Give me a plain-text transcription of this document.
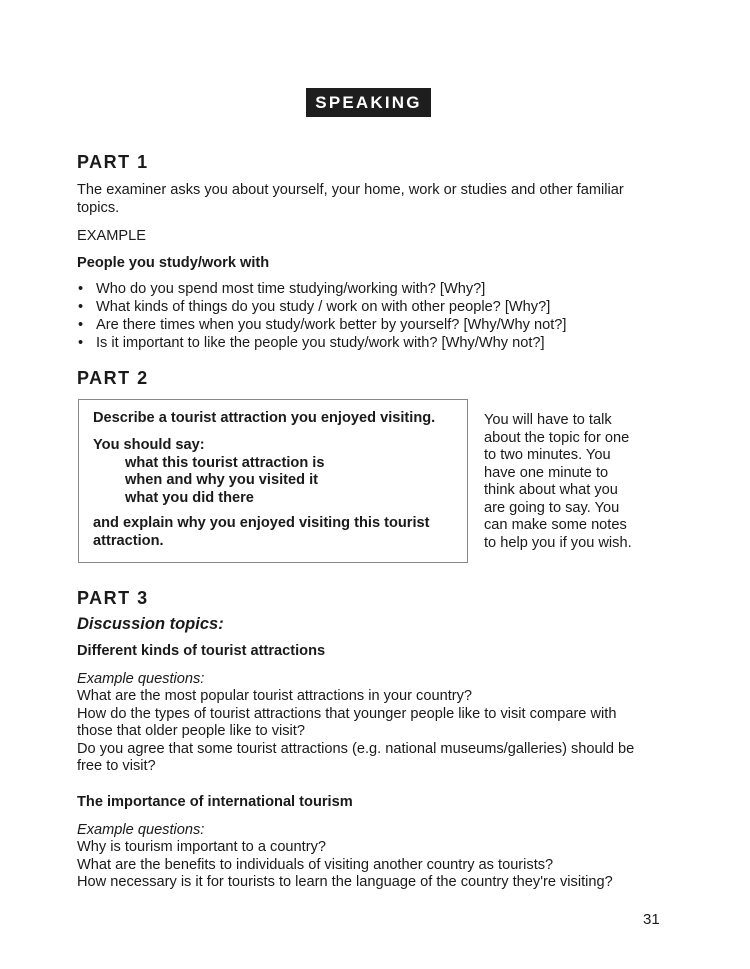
SPEAKING
PART 1
The examiner asks you about yourself, your home, work or studies and other familiar
topics.
EXAMPLE
People you study/work with
• Who do you spend most time studying/working with? [Why?]
• What kinds of things do you study / work on with other people? [Why?]
• Are there times when you study/work better by yourself? [Why/Why not?]
• Is it important to like the people you study/work with? [Why/Why not?]
PART 2
Describe a tourist attraction you enjoyed visiting.
You should say:
what this tourist attraction is
when and why you visited it
what you did there
and explain why you enjoyed visiting this tourist
attraction.
You will have to talk
about the topic for one
to two minutes. You
have one minute to
think about what you
are going to say. You
can make some notes
to help you if you wish.
PART 3
Discussion topics:
Different kinds of tourist attractions
Example questions:
What are the most popular tourist attractions in your country?
How do the types of tourist attractions that younger people like to visit compare with
those that older people like to visit?
Do you agree that some tourist attractions (e.g. national museums/galleries) should be
free to visit?
The importance of international tourism
Example questions:
Why is tourism important to a country?
What are the benefits to individuals of visiting another country as tourists?
How necessary is it for tourists to learn the language of the country they're visiting?
31
